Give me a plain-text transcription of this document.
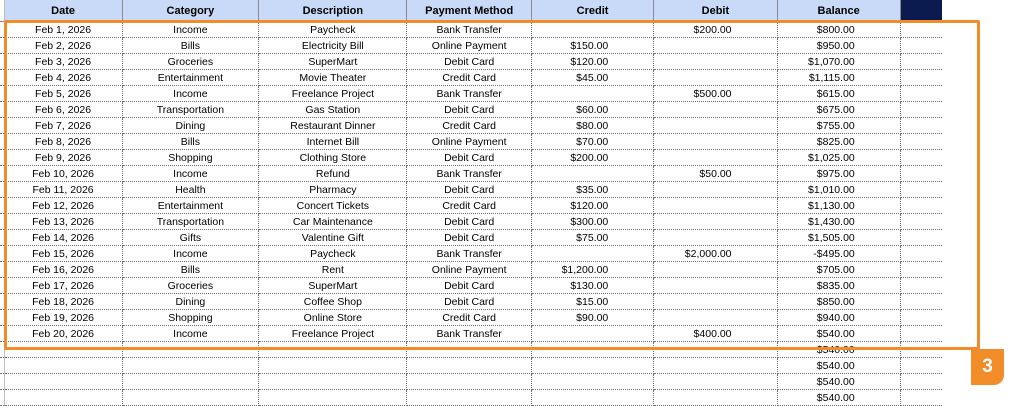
	Date	Category	Description	Payment Method	Credit	Debit	Balance		
	Feb 1, 2026	Income	Paycheck	Bank Transfer		$200.00	$800.00		
	Feb 2, 2026	Bills	Electricity Bill	Online Payment	$150.00		$950.00		
	Feb 3, 2026	Groceries	SuperMart	Debit Card	$120.00		$1,070.00		
	Feb 4, 2026	Entertainment	Movie Theater	Credit Card	$45.00		$1,115.00		
	Feb 5, 2026	Income	Freelance Project	Bank Transfer		$500.00	$615.00		
	Feb 6, 2026	Transportation	Gas Station	Debit Card	$60.00		$675.00		
	Feb 7, 2026	Dining	Restaurant Dinner	Credit Card	$80.00		$755.00		
	Feb 8, 2026	Bills	Internet Bill	Online Payment	$70.00		$825.00		
	Feb 9, 2026	Shopping	Clothing Store	Debit Card	$200.00		$1,025.00		
	Feb 10, 2026	Income	Refund	Bank Transfer		$50.00	$975.00		
	Feb 11, 2026	Health	Pharmacy	Debit Card	$35.00		$1,010.00		
	Feb 12, 2026	Entertainment	Concert Tickets	Credit Card	$120.00		$1,130.00		
	Feb 13, 2026	Transportation	Car Maintenance	Debit Card	$300.00		$1,430.00		
	Feb 14, 2026	Gifts	Valentine Gift	Debit Card	$75.00		$1,505.00		
	Feb 15, 2026	Income	Paycheck	Bank Transfer		$2,000.00	-$495.00		
	Feb 16, 2026	Bills	Rent	Online Payment	$1,200.00		$705.00		
	Feb 17, 2026	Groceries	SuperMart	Debit Card	$130.00		$835.00		
	Feb 18, 2026	Dining	Coffee Shop	Debit Card	$15.00		$850.00		
	Feb 19, 2026	Shopping	Online Store	Credit Card	$90.00		$940.00		
	Feb 20, 2026	Income	Freelance Project	Bank Transfer		$400.00	$540.00		
							$540.00		
							$540.00		
							$540.00		
							$540.00		
3
